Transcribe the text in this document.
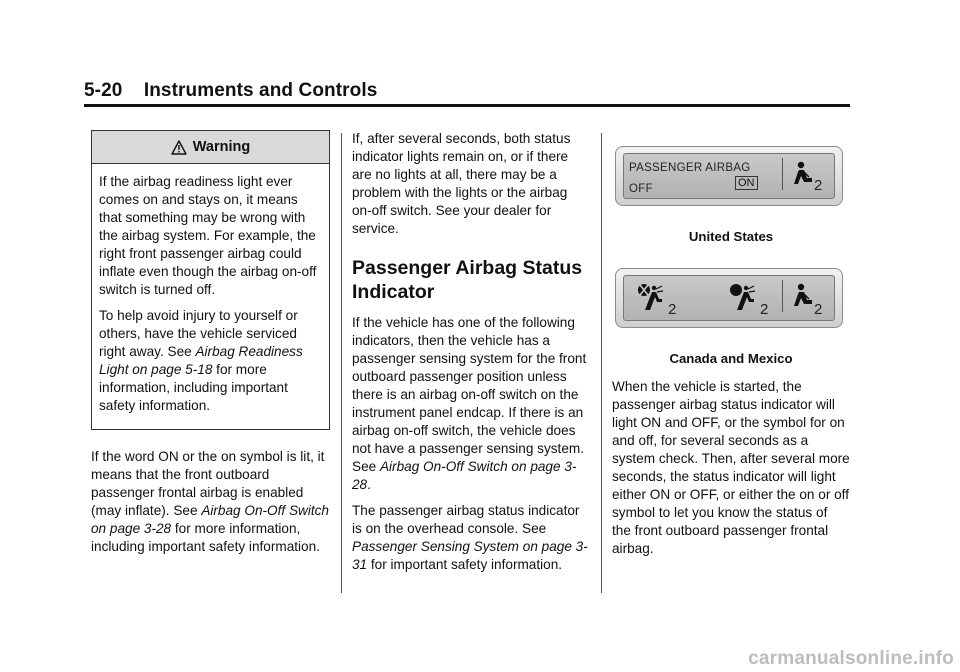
5-20 Instruments and Controls
Warning

If the airbag readiness light ever comes on and stays on, it means that something may be wrong with the airbag system. For example, the right front passenger airbag could inflate even though the airbag on-off switch is turned off.

To help avoid injury to yourself or others, have the vehicle serviced right away. See Airbag Readiness Light on page 5-18 for more information, including important safety information.

If the word ON or the on symbol is lit, it means that the front outboard passenger frontal airbag is enabled (may inflate). See Airbag On-Off Switch on page 3-28 for more information, including important safety information.

If, after several seconds, both status indicator lights remain on, or if there are no lights at all, there may be a problem with the lights or the airbag on-off switch. See your dealer for service.

Passenger Airbag Status Indicator

If the vehicle has one of the following indicators, then the vehicle has a passenger sensing system for the front outboard passenger position unless there is an airbag on-off switch on the instrument panel endcap. If there is an airbag on-off switch, the vehicle does not have a passenger sensing system. See Airbag On-Off Switch on page 3-28.

The passenger airbag status indicator is on the overhead console. See Passenger Sensing System on page 3-31 for important safety information.

PASSENGER AIRBAG
OFF	ON	2
United States
2	2	2
Canada and Mexico

When the vehicle is started, the passenger airbag status indicator will light ON and OFF, or the symbol for on and off, for several seconds as a system check. Then, after several more seconds, the status indicator will light either ON or OFF, or either the on or off symbol to let you know the status of the front outboard passenger frontal airbag.

carmanualsonline.info
